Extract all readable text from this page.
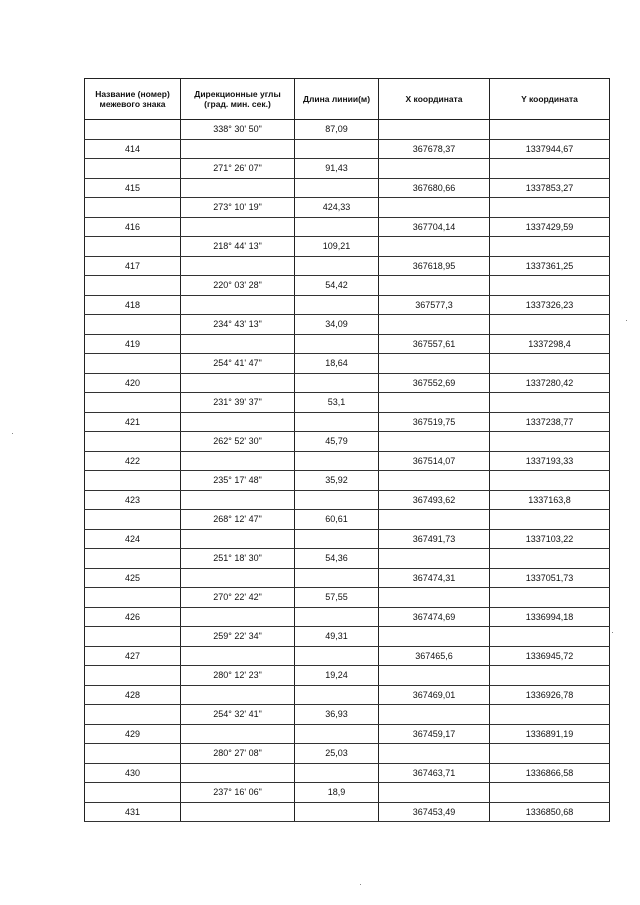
Название (номер) межевого знака	Дирекционные углы (град. мин. сек.)	Длина линии(м)	X координата	Y координата
	338° 30' 50"	87,09		
414			367678,37	1337944,67
	271° 26' 07"	91,43		
415			367680,66	1337853,27
	273° 10' 19"	424,33		
416			367704,14	1337429,59
	218° 44' 13"	109,21		
417			367618,95	1337361,25
	220° 03' 28"	54,42		
418			367577,3	1337326,23
	234° 43' 13"	34,09		
419			367557,61	1337298,4
	254° 41' 47"	18,64		
420			367552,69	1337280,42
	231° 39' 37"	53,1		
421			367519,75	1337238,77
	262° 52' 30"	45,79		
422			367514,07	1337193,33
	235° 17' 48"	35,92		
423			367493,62	1337163,8
	268° 12' 47"	60,61		
424			367491,73	1337103,22
	251° 18' 30"	54,36		
425			367474,31	1337051,73
	270° 22' 42"	57,55		
426			367474,69	1336994,18
	259° 22' 34"	49,31		
427			367465,6	1336945,72
	280° 12' 23"	19,24		
428			367469,01	1336926,78
	254° 32' 41"	36,93		
429			367459,17	1336891,19
	280° 27' 08"	25,03		
430			367463,71	1336866,58
	237° 16' 06"	18,9		
431			367453,49	1336850,68
